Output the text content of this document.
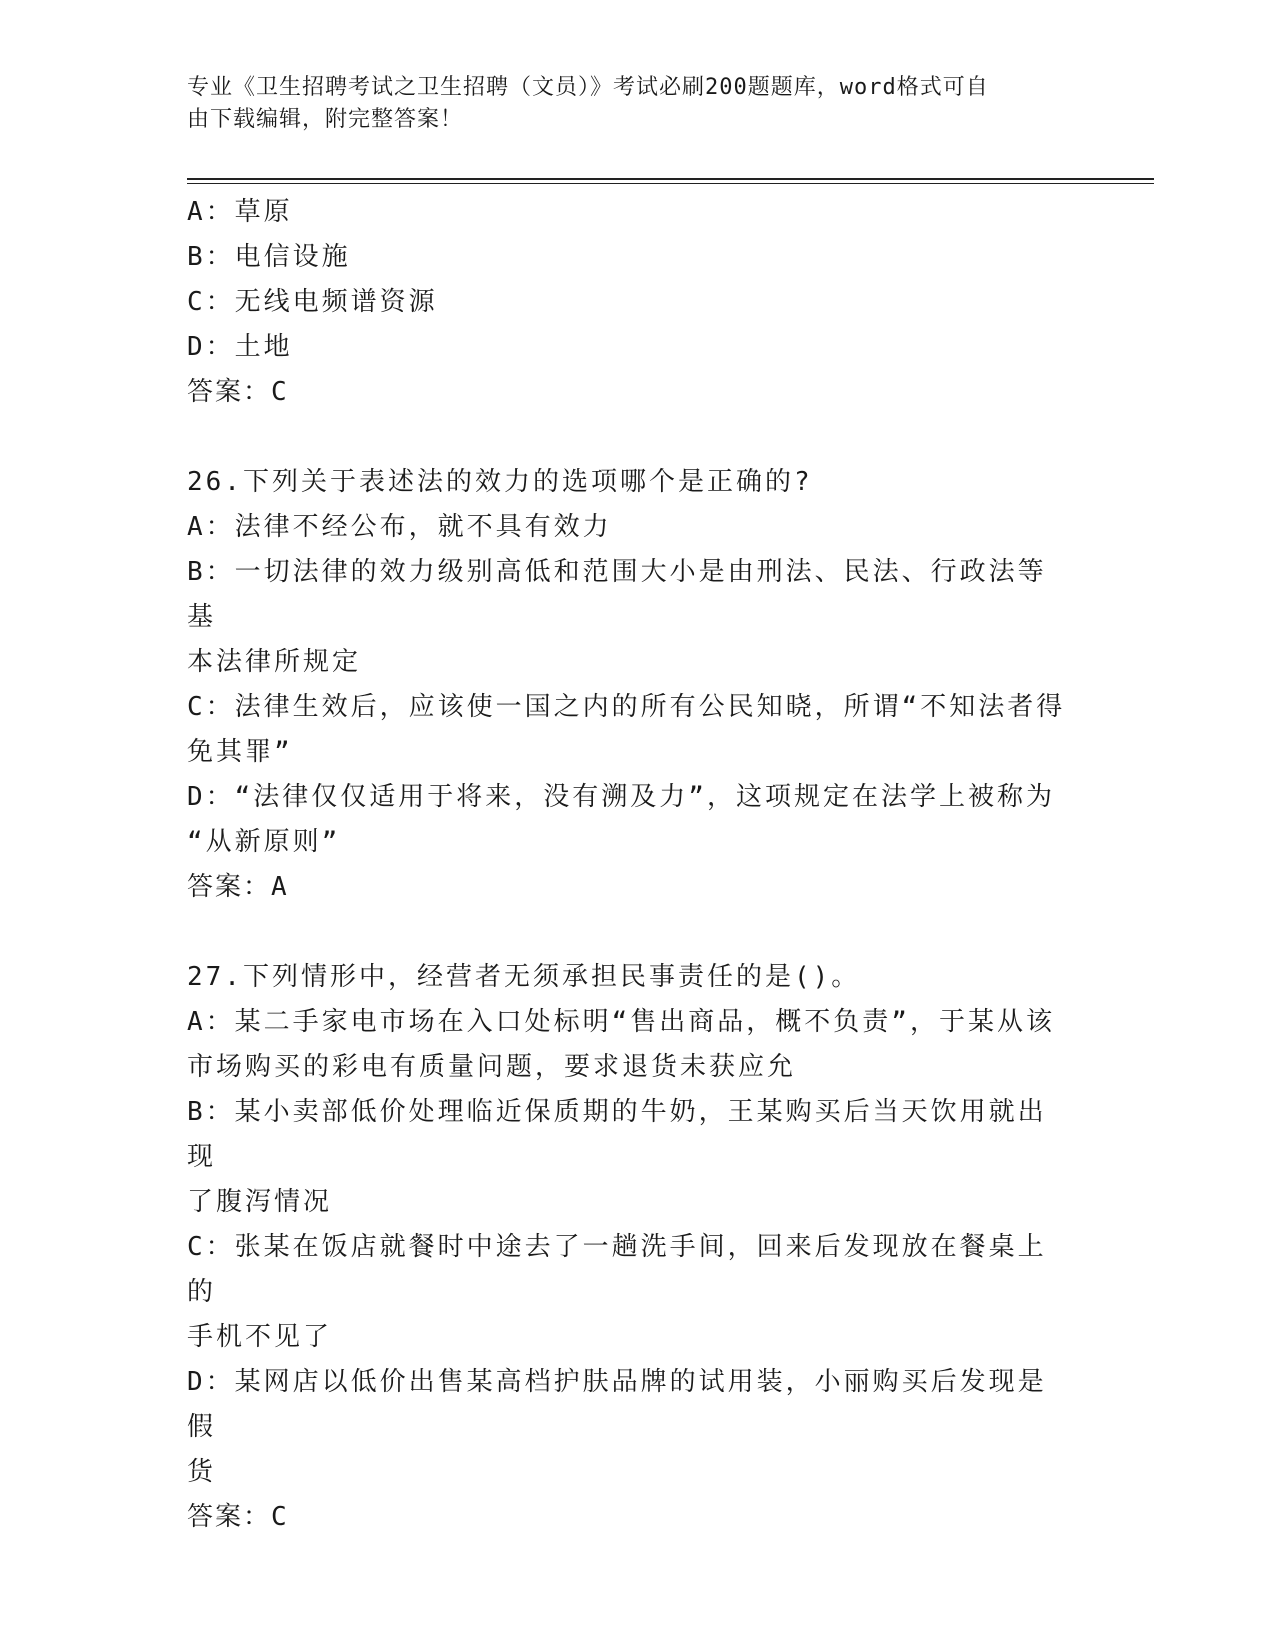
专业《卫生招聘考试之卫生招聘（文员）》考试必刷200题题库，word格式可自
由下载编辑，附完整答案！
A：草原
B：电信设施
C：无线电频谱资源
D：土地
答案：C
26.下列关于表述法的效力的选项哪个是正确的?
A：法律不经公布，就不具有效力
B：一切法律的效力级别高低和范围大小是由刑法、民法、行政法等基
本法律所规定
C：法律生效后，应该使一国之内的所有公民知晓，所谓“不知法者得
免其罪”
D：“法律仅仅适用于将来，没有溯及力”，这项规定在法学上被称为
“从新原则”
答案：A
27.下列情形中，经营者无须承担民事责任的是()。
A：某二手家电市场在入口处标明“售出商品，概不负责”，于某从该
市场购买的彩电有质量问题，要求退货未获应允
B：某小卖部低价处理临近保质期的牛奶，王某购买后当天饮用就出现
了腹泻情况
C：张某在饭店就餐时中途去了一趟洗手间，回来后发现放在餐桌上的
手机不见了
D：某网店以低价出售某高档护肤品牌的试用装，小丽购买后发现是假
货
答案：C
